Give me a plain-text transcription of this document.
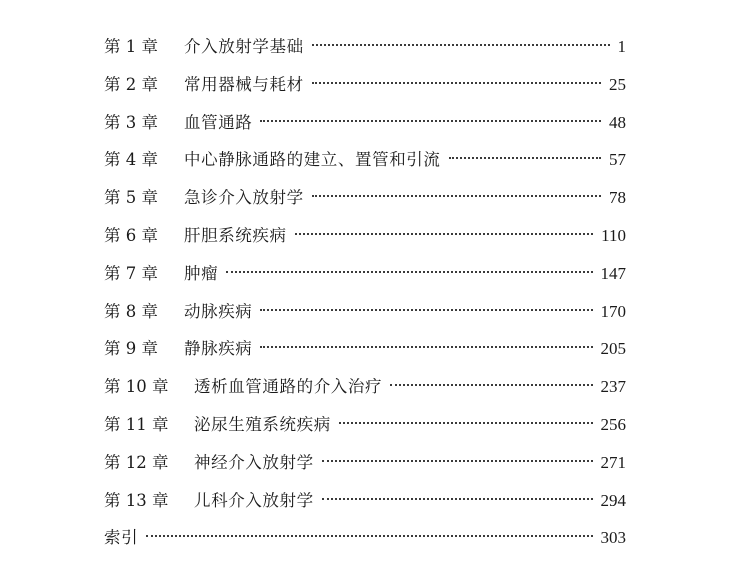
第 1 章	介入放射学基础	1
第 2 章	常用器械与耗材	25
第 3 章	血管通路	48
第 4 章	中心静脉通路的建立、置管和引流	57
第 5 章	急诊介入放射学	78
第 6 章	肝胆系统疾病	110
第 7 章	肿瘤	147
第 8 章	动脉疾病	170
第 9 章	静脉疾病	205
第 10 章	透析血管通路的介入治疗	237
第 11 章	泌尿生殖系统疾病	256
第 12 章	神经介入放射学	271
第 13 章	儿科介入放射学	294
索引	303
